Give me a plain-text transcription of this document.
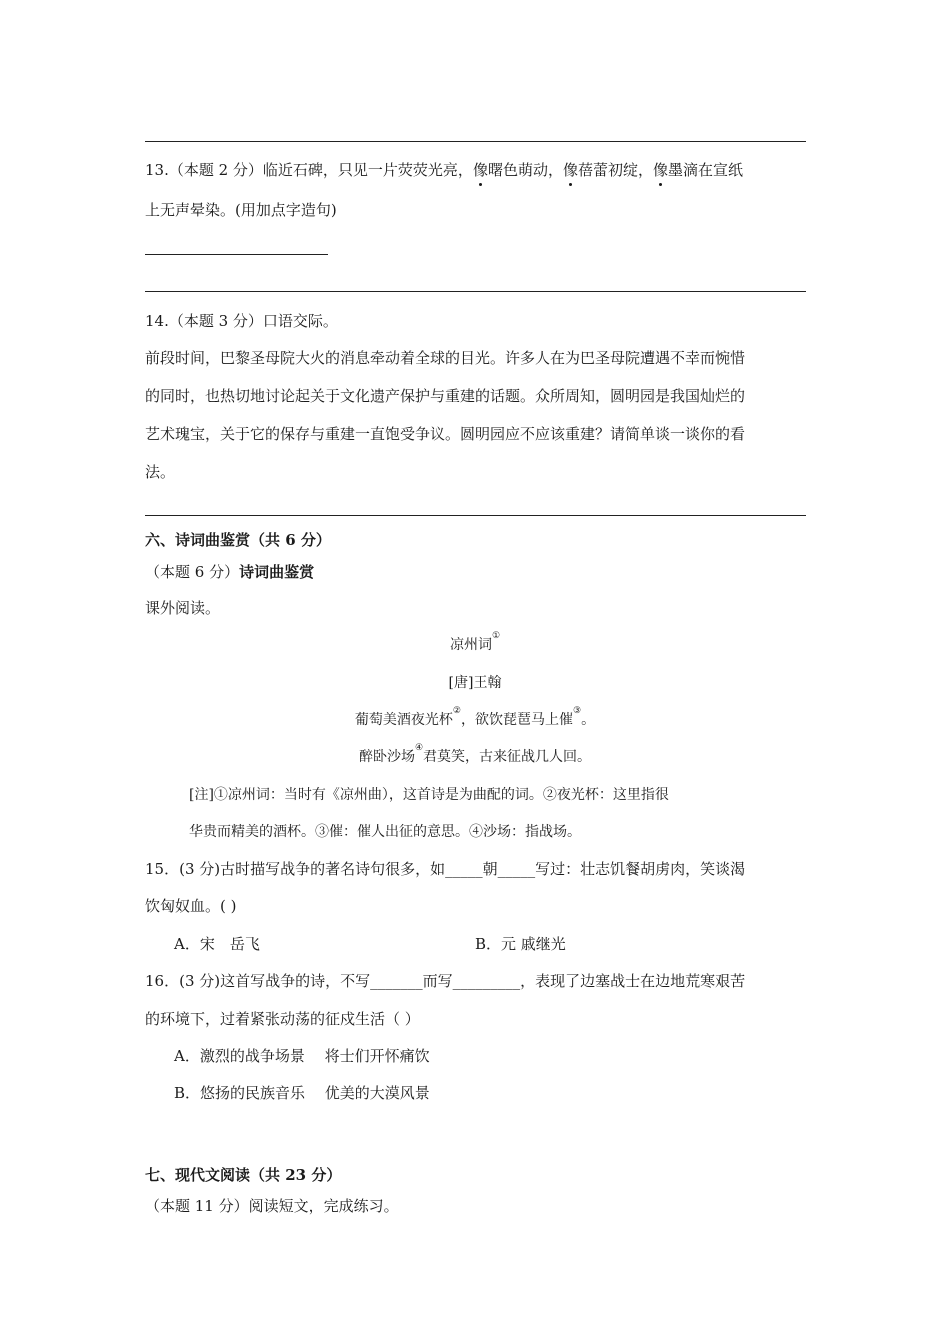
13.（本题 2 分）临近石碑，只见一片荧荧光亮，像曙色萌动，像蓓蕾初绽，像墨滴在宣纸
上无声晕染。(用加点字造句)
14.（本题 3 分）口语交际。
前段时间，巴黎圣母院大火的消息牵动着全球的目光。许多人在为巴圣母院遭遇不幸而惋惜
的同时，也热切地讨论起关于文化遗产保护与重建的话题。众所周知，圆明园是我国灿烂的
艺术瑰宝，关于它的保存与重建一直饱受争议。圆明园应不应该重建？请简单谈一谈你的看
法。
六、诗词曲鉴赏（共 6 分）
（本题 6 分）诗词曲鉴赏
课外阅读。
凉州词①
[唐]王翰
葡萄美酒夜光杯②，欲饮琵琶马上催③。
醉卧沙场④君莫笑，古来征战几人回。
[注]①凉州词：当时有《凉州曲），这首诗是为曲配的词。②夜光杯：这里指很
华贵而精美的酒杯。③催：催人出征的意思。④沙场：指战场。
15．(3 分)古时描写战争的著名诗句很多，如_____朝_____写过：壮志饥餐胡虏肉，笑谈渴
饮匈奴血。( )
A．宋　岳飞	B．元 戚继光
16．(3 分)这首写战争的诗，不写_______而写_________，表现了边塞战士在边地荒寒艰苦
的环境下，过着紧张动荡的征戍生活（ ）
A．激烈的战争场景　 将士们开怀痛饮
B．悠扬的民族音乐　 优美的大漠风景
七、现代文阅读（共 23 分）
（本题 11 分）阅读短文，完成练习。
